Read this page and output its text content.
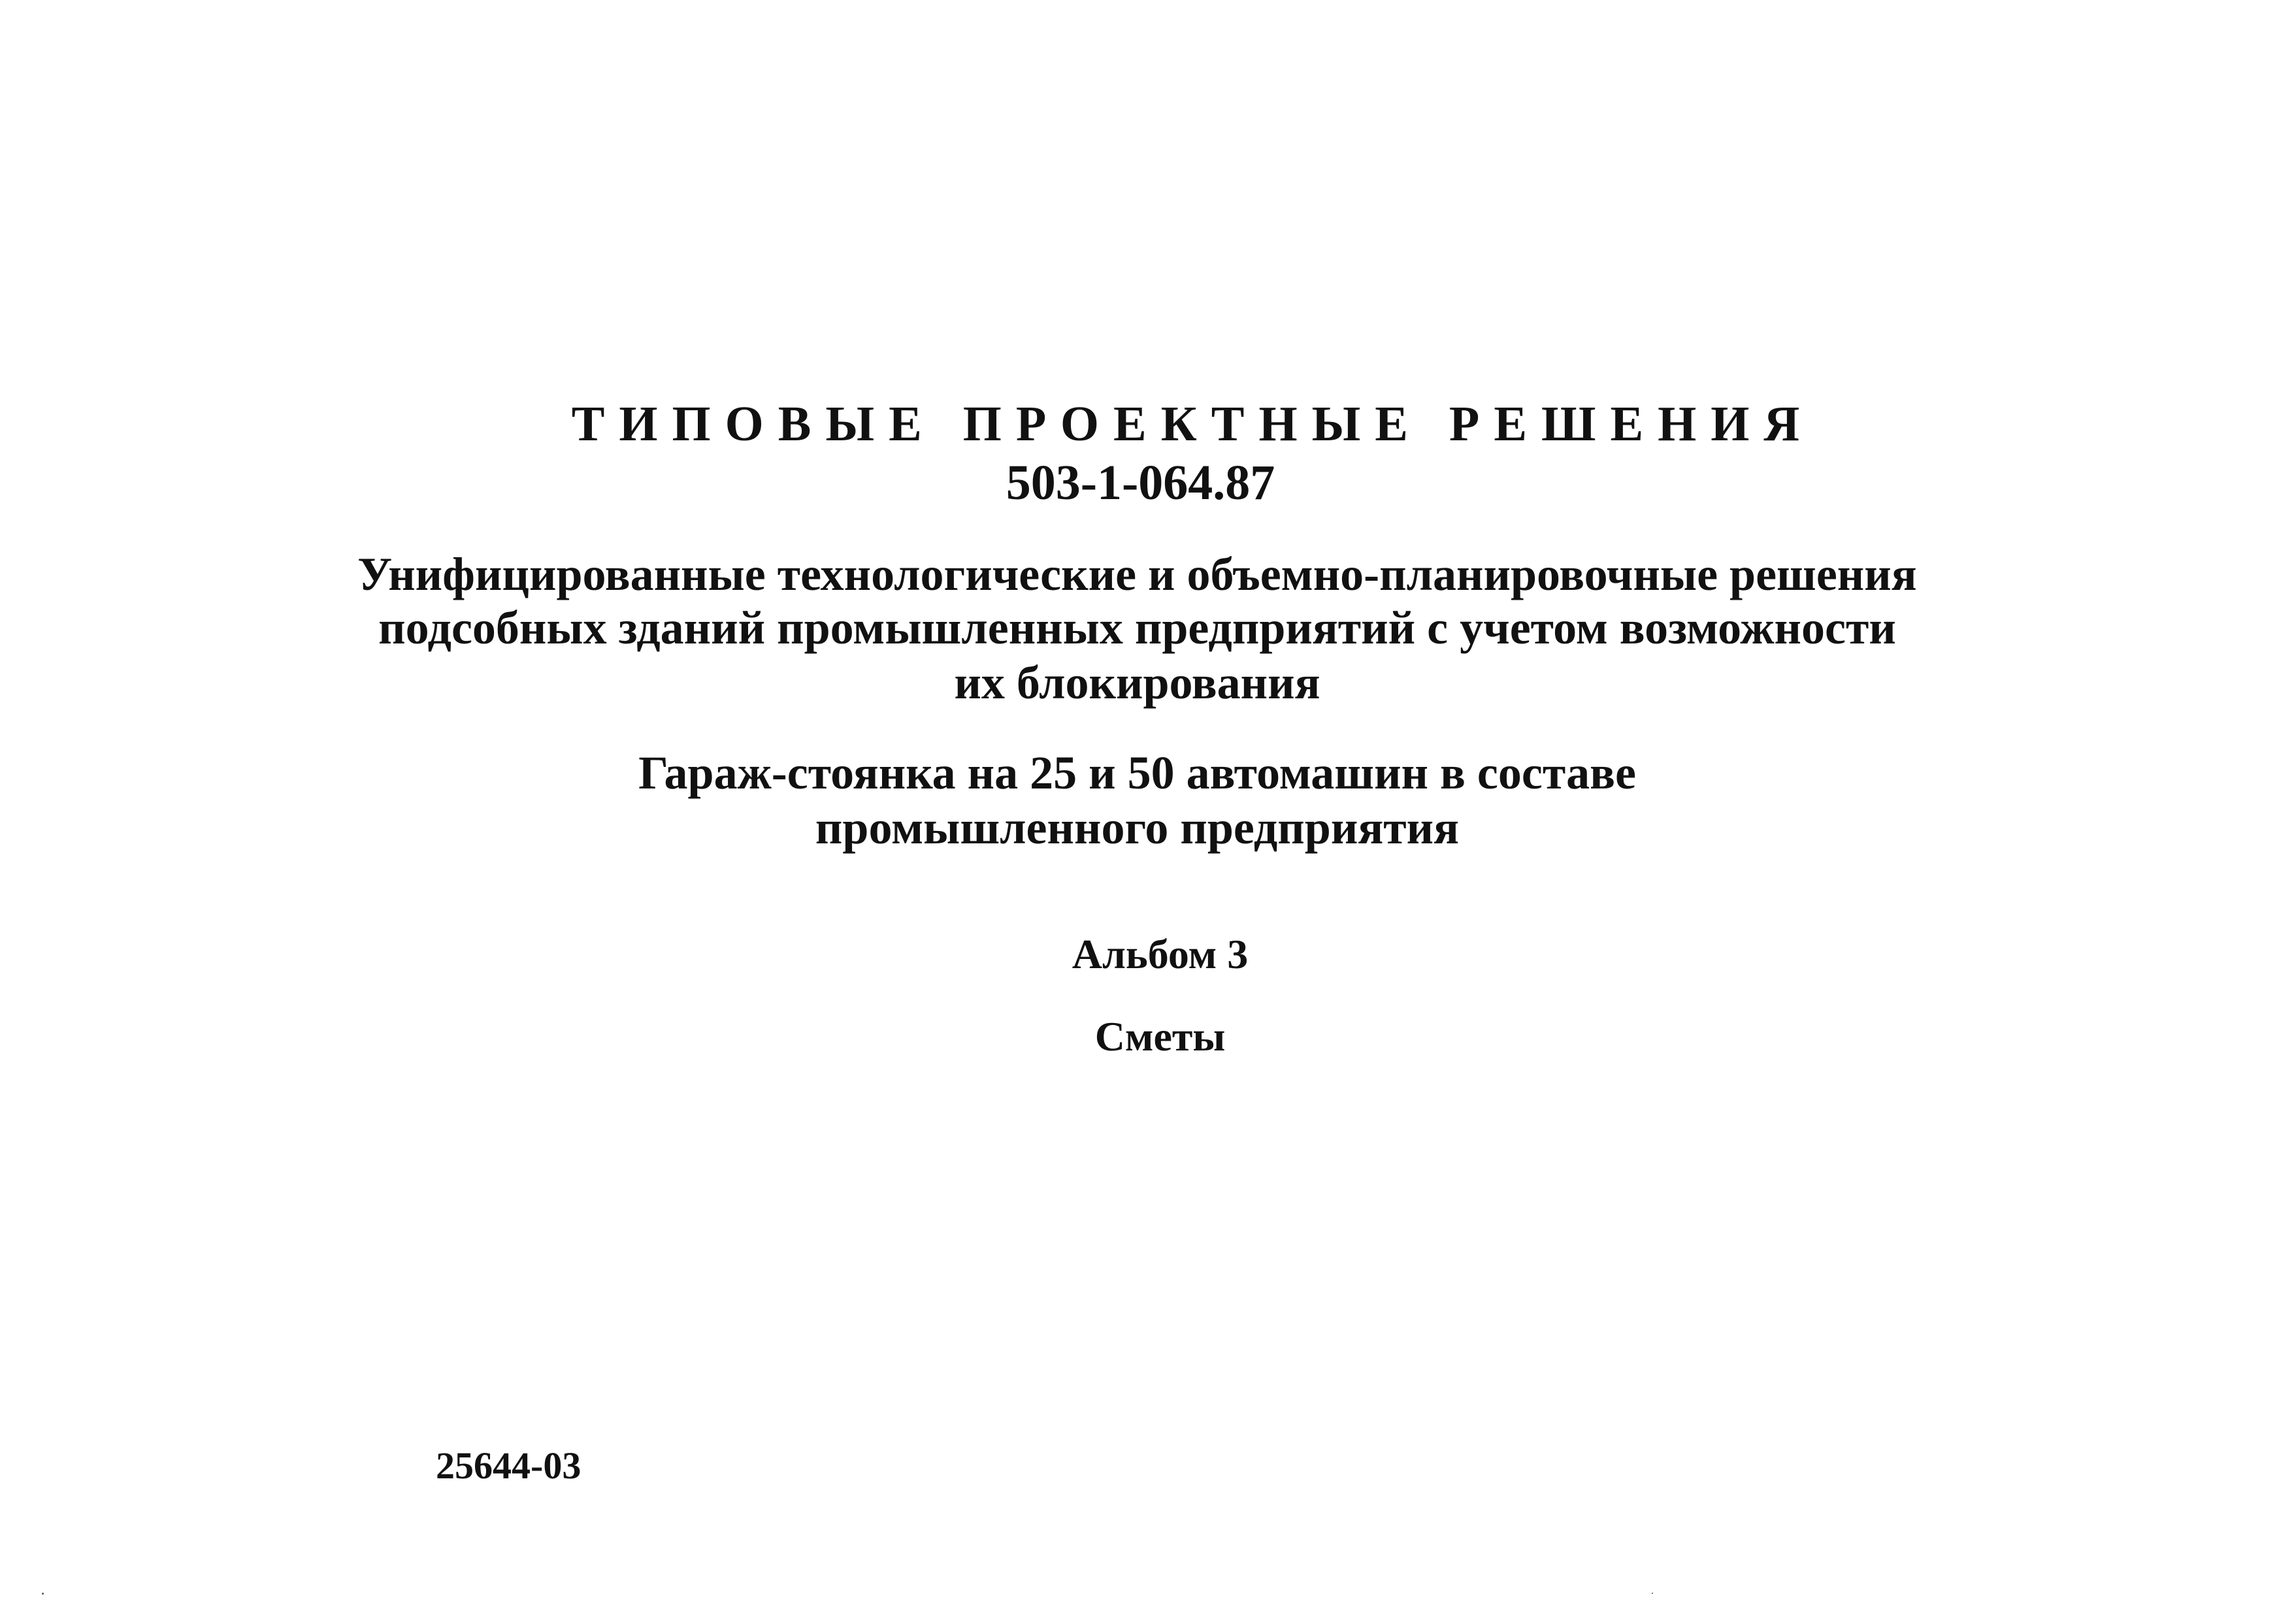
ТИПОВЫЕ ПРОЕКТНЫЕ РЕШЕНИЯ
503-1-064.87
Унифицированные технологические и объемно-планировочные решения
подсобных зданий промышленных предприятий с учетом возможности
их блокирования
Гараж-стоянка на 25 и 50 автомашин в составе
промышленного предприятия
Альбом 3
Сметы
25644-03
